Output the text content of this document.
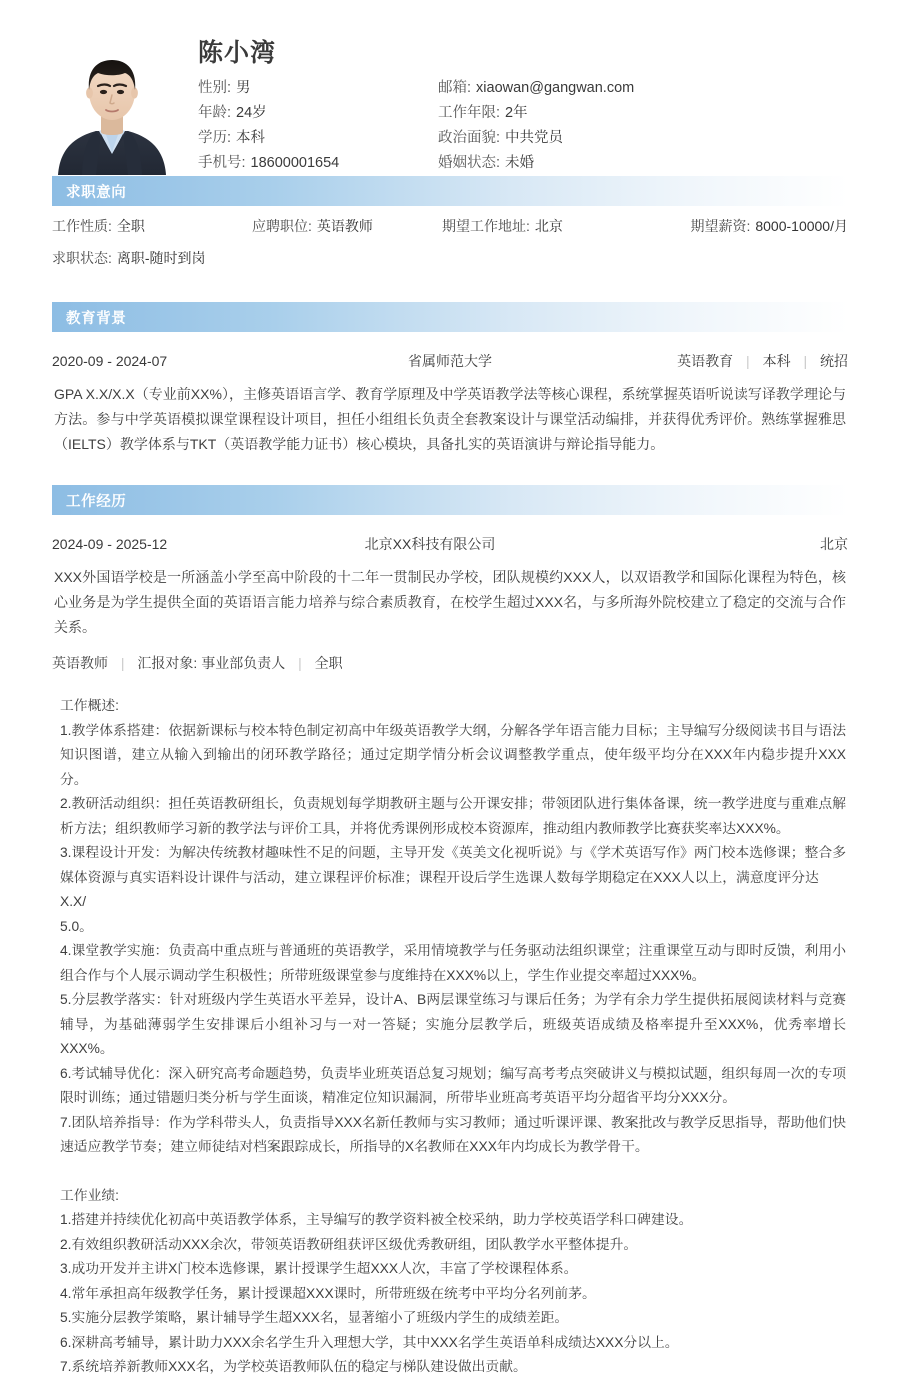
陈小湾
性别: 男
年龄: 24岁
学历: 本科
手机号: 18600001654
邮箱: xiaowan@gangwan.com
工作年限: 2年
政治面貌: 中共党员
婚姻状态: 未婚
求职意向
工作性质: 全职	应聘职位: 英语教师	期望工作地址: 北京	期望薪资: 8000-10000/月
求职状态: 离职-随时到岗
教育背景
2020-09 - 2024-07	省属师范大学	英语教育 | 本科 | 统招
GPA X.X/X.X（专业前XX%），主修英语语言学、教育学原理及中学英语教学法等核心课程，系统掌握英语听说读写译教学理论与方法。参与中学英语模拟课堂课程设计项目，担任小组组长负责全套教案设计与课堂活动编排，并获得优秀评价。熟练掌握雅思（IELTS）教学体系与TKT（英语教学能力证书）核心模块，具备扎实的英语演讲与辩论指导能力。
工作经历
2024-09 - 2025-12	北京XX科技有限公司	北京
XXX外国语学校是一所涵盖小学至高中阶段的十二年一贯制民办学校，团队规模约XXX人，以双语教学和国际化课程为特色，核心业务是为学生提供全面的英语语言能力培养与综合素质教育，在校学生超过XXX名，与多所海外院校建立了稳定的交流与合作关系。
英语教师 | 汇报对象: 事业部负责人 | 全职

工作概述:

1.教学体系搭建：依据新课标与校本特色制定初高中年级英语教学大纲，分解各学年语言能力目标；主导编写分级阅读书目与语法知识图谱，建立从输入到输出的闭环教学路径；通过定期学情分析会议调整教学重点，使年级平均分在XXX年内稳步提升XXX分。

2.教研活动组织：担任英语教研组长，负责规划每学期教研主题与公开课安排；带领团队进行集体备课，统一教学进度与重难点解析方法；组织教师学习新的教学法与评价工具，并将优秀课例形成校本资源库，推动组内教师教学比赛获奖率达XXX%。

3.课程设计开发：为解决传统教材趣味性不足的问题，主导开发《英美文化视听说》与《学术英语写作》两门校本选修课；整合多媒体资源与真实语料设计课件与活动，建立课程评价标准；课程开设后学生选课人数每学期稳定在XXX人以上，满意度评分达

X.X/

5.0。

4.课堂教学实施：负责高中重点班与普通班的英语教学，采用情境教学与任务驱动法组织课堂；注重课堂互动与即时反馈，利用小组合作与个人展示调动学生积极性；所带班级课堂参与度维持在XXX%以上，学生作业提交率超过XXX%。

5.分层教学落实：针对班级内学生英语水平差异，设计A、B两层课堂练习与课后任务；为学有余力学生提供拓展阅读材料与竞赛辅导，为基础薄弱学生安排课后小组补习与一对一答疑；实施分层教学后，班级英语成绩及格率提升至XXX%，优秀率增长XXX%。

6.考试辅导优化：深入研究高考命题趋势，负责毕业班英语总复习规划；编写高考考点突破讲义与模拟试题，组织每周一次的专项限时训练；通过错题归类分析与学生面谈，精准定位知识漏洞，所带毕业班高考英语平均分超省平均分XXX分。

7.团队培养指导：作为学科带头人，负责指导XXX名新任教师与实习教师；通过听课评课、教案批改与教学反思指导，帮助他们快速适应教学节奏；建立师徒结对档案跟踪成长，所指导的X名教师在XXX年内均成长为教学骨干。

工作业绩:

1.搭建并持续优化初高中英语教学体系，主导编写的教学资料被全校采纳，助力学校英语学科口碑建设。

2.有效组织教研活动XXX余次，带领英语教研组获评区级优秀教研组，团队教学水平整体提升。

3.成功开发并主讲X门校本选修课，累计授课学生超XXX人次，丰富了学校课程体系。

4.常年承担高年级教学任务，累计授课超XXX课时，所带班级在统考中平均分名列前茅。

5.实施分层教学策略，累计辅导学生超XXX名，显著缩小了班级内学生的成绩差距。

6.深耕高考辅导，累计助力XXX余名学生升入理想大学，其中XXX名学生英语单科成绩达XXX分以上。

7.系统培养新教师XXX名，为学校英语教师队伍的稳定与梯队建设做出贡献。
